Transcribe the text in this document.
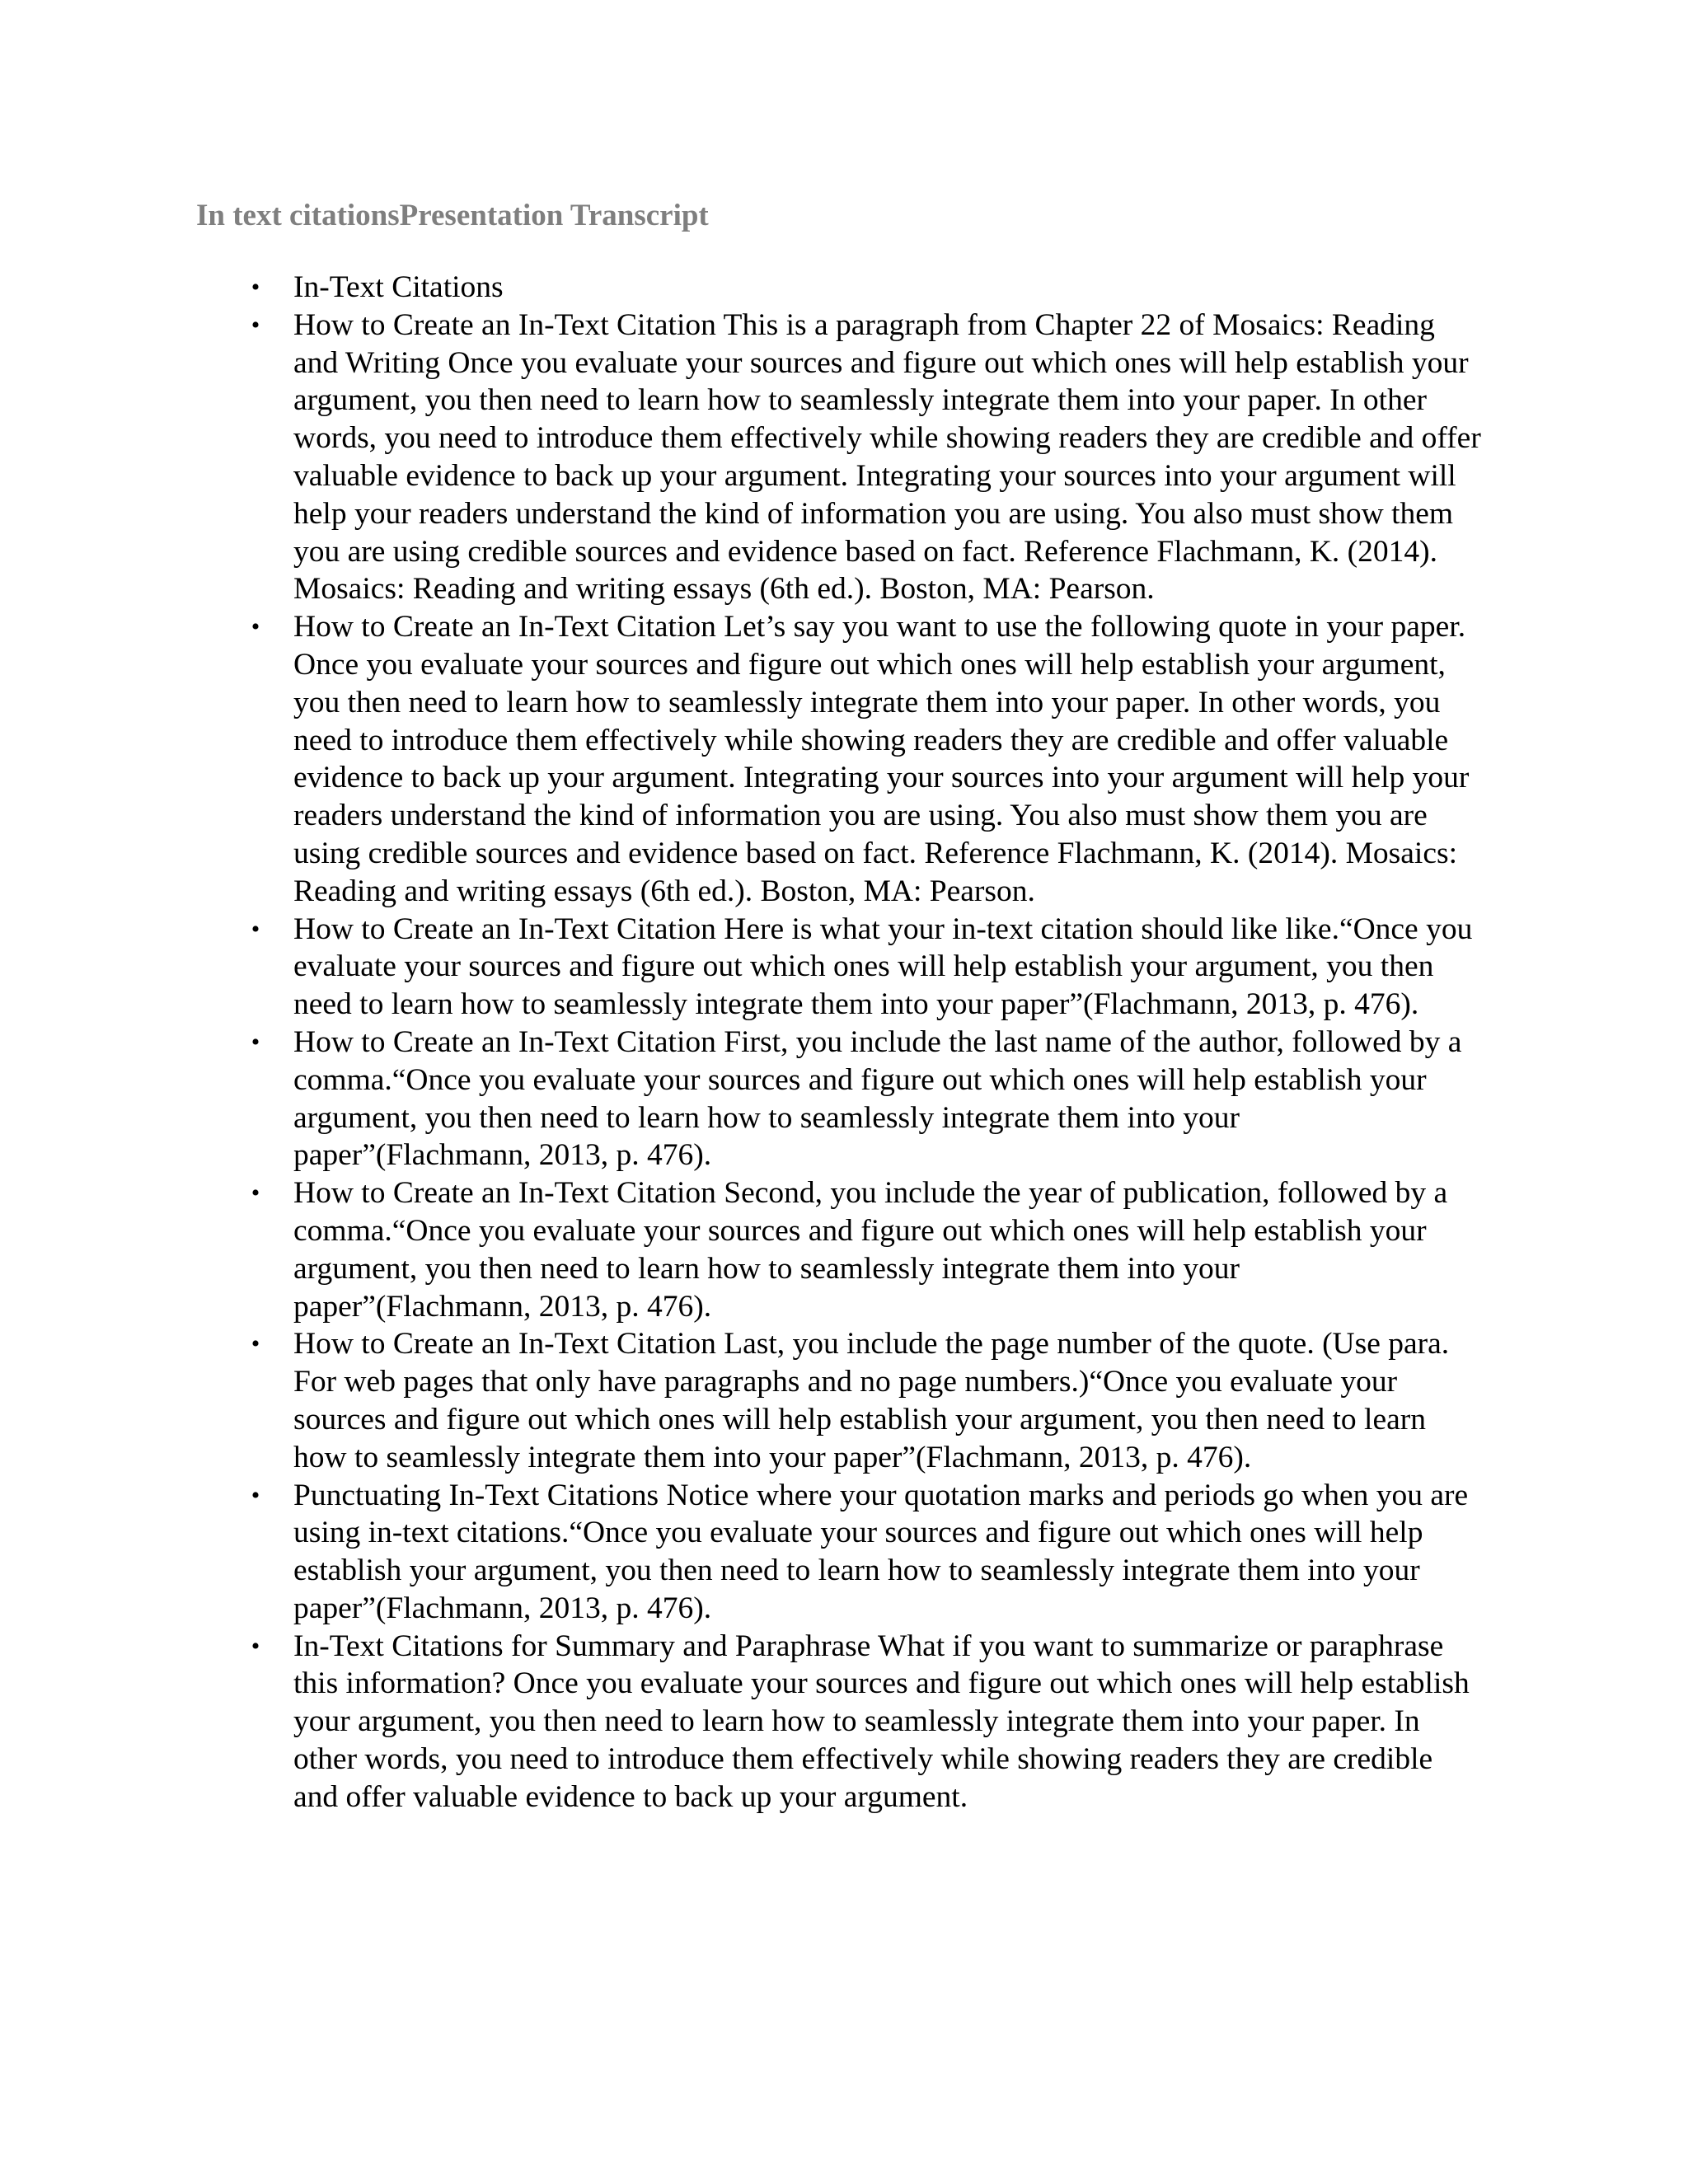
In text citationsPresentation Transcript
• In-Text Citations
• How to Create an In-Text Citation This is a paragraph from Chapter 22 of Mosaics: Reading and Writing Once you evaluate your sources and figure out which ones will help establish your argument, you then need to learn how to seamlessly integrate them into your paper. In other words, you need to introduce them effectively while showing readers they are credible and offer valuable evidence to back up your argument. Integrating your sources into your argument will help your readers understand the kind of information you are using. You also must show them you are using credible sources and evidence based on fact. Reference Flachmann, K. (2014). Mosaics: Reading and writing essays (6th ed.). Boston, MA: Pearson.
• How to Create an In-Text Citation Let’s say you want to use the following quote in your paper. Once you evaluate your sources and figure out which ones will help establish your argument, you then need to learn how to seamlessly integrate them into your paper. In other words, you need to introduce them effectively while showing readers they are credible and offer valuable evidence to back up your argument. Integrating your sources into your argument will help your readers understand the kind of information you are using. You also must show them you are using credible sources and evidence based on fact. Reference Flachmann, K. (2014). Mosaics: Reading and writing essays (6th ed.). Boston, MA: Pearson.
• How to Create an In-Text Citation Here is what your in-text citation should like like.“Once you evaluate your sources and figure out which ones will help establish your argument, you then need to learn how to seamlessly integrate them into your paper”(Flachmann, 2013, p. 476).
• How to Create an In-Text Citation First, you include the last name of the author, followed by a comma.“Once you evaluate your sources and figure out which ones will help establish your argument, you then need to learn how to seamlessly integrate them into your paper”(Flachmann, 2013, p. 476).
• How to Create an In-Text Citation Second, you include the year of publication, followed by a comma.“Once you evaluate your sources and figure out which ones will help establish your argument, you then need to learn how to seamlessly integrate them into your paper”(Flachmann, 2013, p. 476).
• How to Create an In-Text Citation Last, you include the page number of the quote. (Use para. For web pages that only have paragraphs and no page numbers.)“Once you evaluate your sources and figure out which ones will help establish your argument, you then need to learn how to seamlessly integrate them into your paper”(Flachmann, 2013, p. 476).
• Punctuating In-Text Citations Notice where your quotation marks and periods go when you are using in-text citations.“Once you evaluate your sources and figure out which ones will help establish your argument, you then need to learn how to seamlessly integrate them into your paper”(Flachmann, 2013, p. 476).
• In-Text Citations for Summary and Paraphrase What if you want to summarize or paraphrase this information? Once you evaluate your sources and figure out which ones will help establish your argument, you then need to learn how to seamlessly integrate them into your paper. In other words, you need to introduce them effectively while showing readers they are credible and offer valuable evidence to back up your argument.
